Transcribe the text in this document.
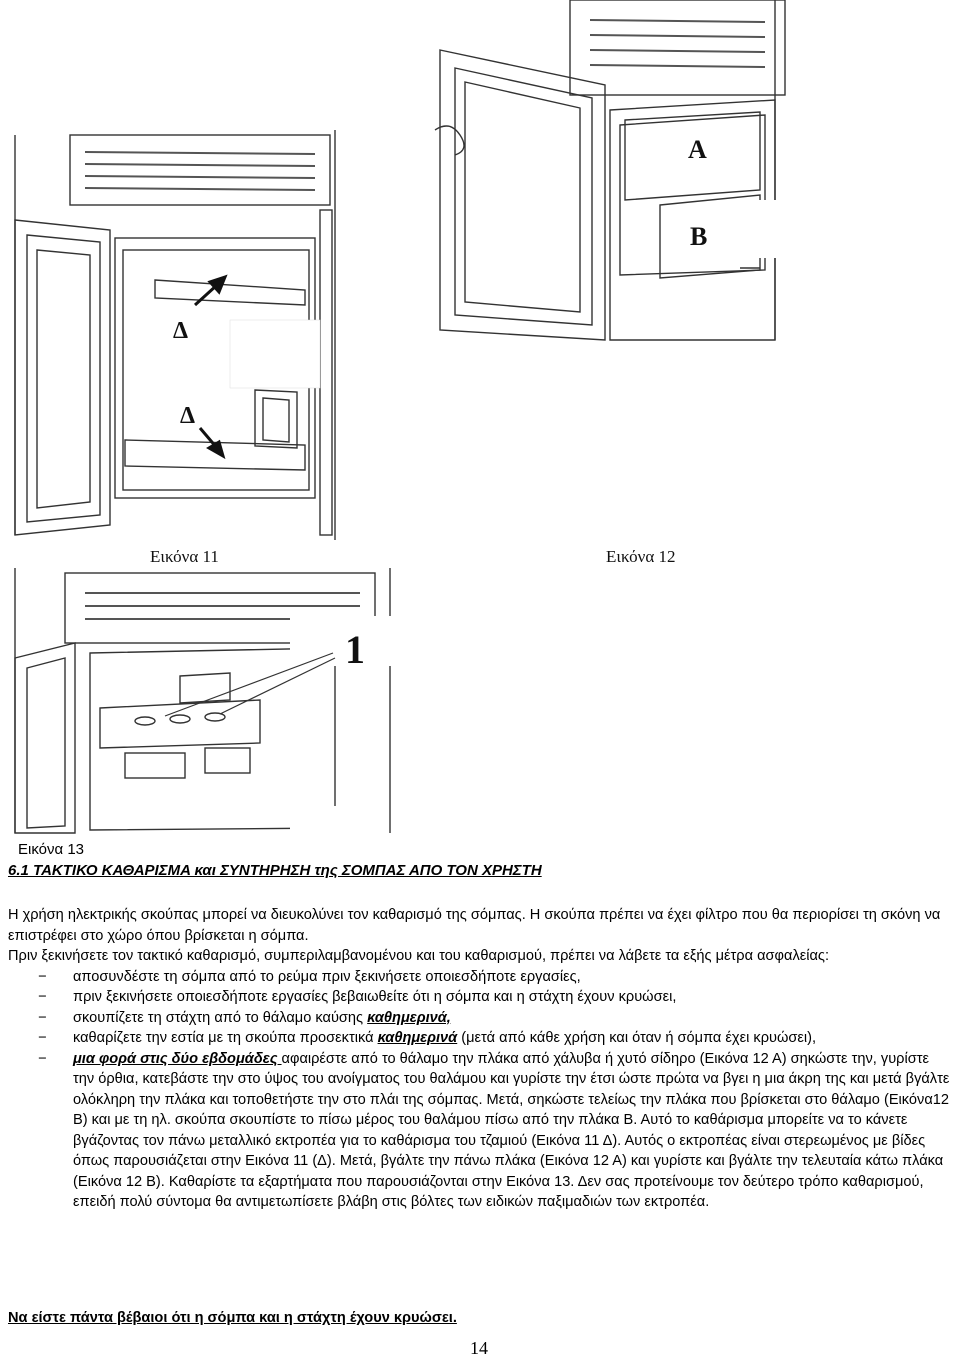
Δ
Δ
Εικόνα 11
A
B
Εικόνα 12
1
Εικόνα 13
6.1 ΤΑΚΤΙΚΟ ΚΑΘΑΡΙΣΜΑ και ΣΥΝΤΗΡΗΣΗ της ΣΟΜΠΑΣ ΑΠΟ ΤΟΝ ΧΡΗΣΤΗ

Η χρήση ηλεκτρικής σκούπας μπορεί να διευκολύνει τον καθαρισμό της σόμπας. Η σκούπα πρέπει να έχει φίλτρο που θα περιορίσει τη σκόνη να επιστρέφει στο χώρο όπου βρίσκεται η σόμπα.

Πριν ξεκινήσετε τον τακτικό καθαρισμό, συμπεριλαμβανομένου και του καθαρισμού, πρέπει να λάβετε τα εξής μέτρα ασφαλείας:

− αποσυνδέστε τη σόμπα από το ρεύμα πριν ξεκινήσετε οποιεσδήποτε εργασίες,
− πριν ξεκινήσετε οποιεσδήποτε εργασίες βεβαιωθείτε ότι η σόμπα και η στάχτη έχουν κρυώσει,
− σκουπίζετε τη στάχτη από το θάλαμο καύσης καθημερινά,
− καθαρίζετε την εστία με τη σκούπα προσεκτικά καθημερινά (μετά από κάθε χρήση και όταν ή σόμπα έχει κρυώσει),
− μια φορά στις δύο εβδομάδες αφαιρέστε από το θάλαμο την πλάκα από χάλυβα ή χυτό σίδηρο (Εικόνα 12 Α) σηκώστε την, γυρίστε την όρθια, κατεβάστε την στο ύψος του ανοίγματος του θαλάμου και γυρίστε την έτσι ώστε πρώτα να βγει η μια άκρη της και μετά βγάλτε ολόκληρη την πλάκα και τοποθετήστε την στο πλάι της σόμπας. Μετά, σηκώστε τελείως την πλάκα που βρίσκεται στο θάλαμο (Εικόνα12 Β) και με τη ηλ. σκούπα σκουπίστε το πίσω μέρος του θαλάμου πίσω από την πλάκα Β. Αυτό το καθάρισμα μπορείτε να το κάνετε βγάζοντας τον πάνω μεταλλικό εκτροπέα για το καθάρισμα του τζαμιού (Εικόνα 11 Δ). Αυτός ο εκτροπέας είναι στερεωμένος με βίδες όπως παρουσιάζεται στην Εικόνα 11 (Δ). Μετά, βγάλτε την πάνω πλάκα (Εικόνα 12 Α) και γυρίστε και βγάλτε την τελευταία κάτω πλάκα (Εικόνα 12 Β). Καθαρίστε τα εξαρτήματα που παρουσιάζονται στην Εικόνα 13. Δεν σας προτείνουμε τον δεύτερο τρόπο καθαρισμού, επειδή πολύ σύντομα θα αντιμετωπίσετε βλάβη στις βόλτες των ειδικών παξιμαδιών των εκτροπέα.
Να είστε πάντα βέβαιοι ότι η σόμπα και η στάχτη έχουν κρυώσει.
14
